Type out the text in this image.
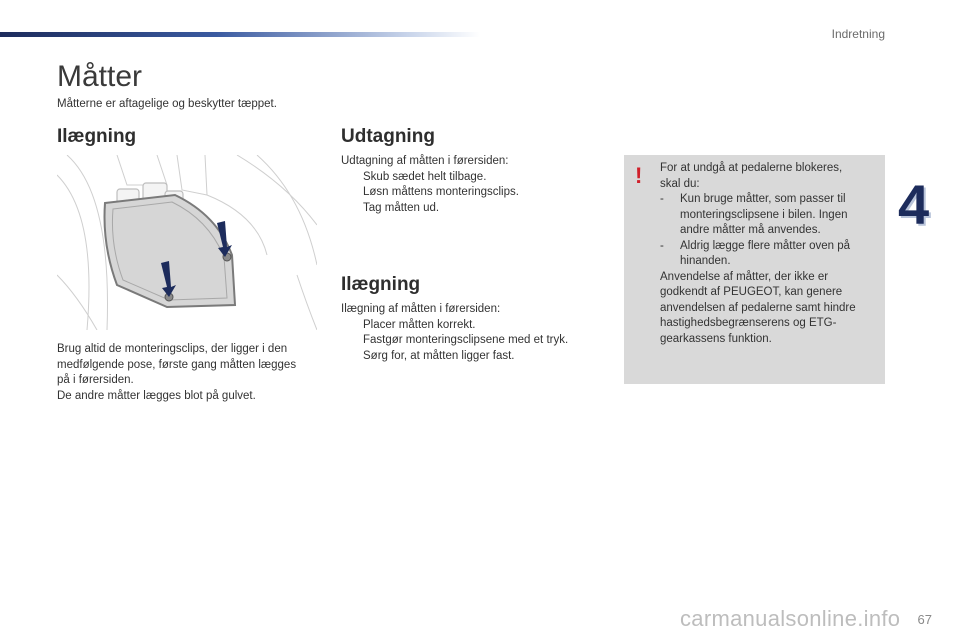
Indretning
4
Måtter
Måtterne er aftagelige og beskytter tæppet.
Ilægning

Brug altid de monteringsclips, der ligger i den

medfølgende pose, første gang måtten lægges

på i førersiden.

De andre måtter lægges blot på gulvet.

Udtagning

Udtagning af måtten i førersiden:

Skub sædet helt tilbage.
Løsn måttens monteringsclips.
Tag måtten ud.
Ilægning

Ilægning af måtten i førersiden:

Placer måtten korrekt.
Fastgør monteringsclipsene med et tryk.
Sørg for, at måtten ligger fast.
! For at undgå at pedalerne blokeres,

skal du:

- Kun bruge måtter, som passer til
monteringsclipsene i bilen. Ingen
andre måtter må anvendes.
- Aldrig lægge flere måtter oven på
hinanden.

Anvendelse af måtter, der ikke er

godkendt af PEUGEOT, kan genere

anvendelsen af pedalerne samt hindre

hastighedsbegrænserens og ETG-

gearkassens funktion.

carmanualsonline.info 67
